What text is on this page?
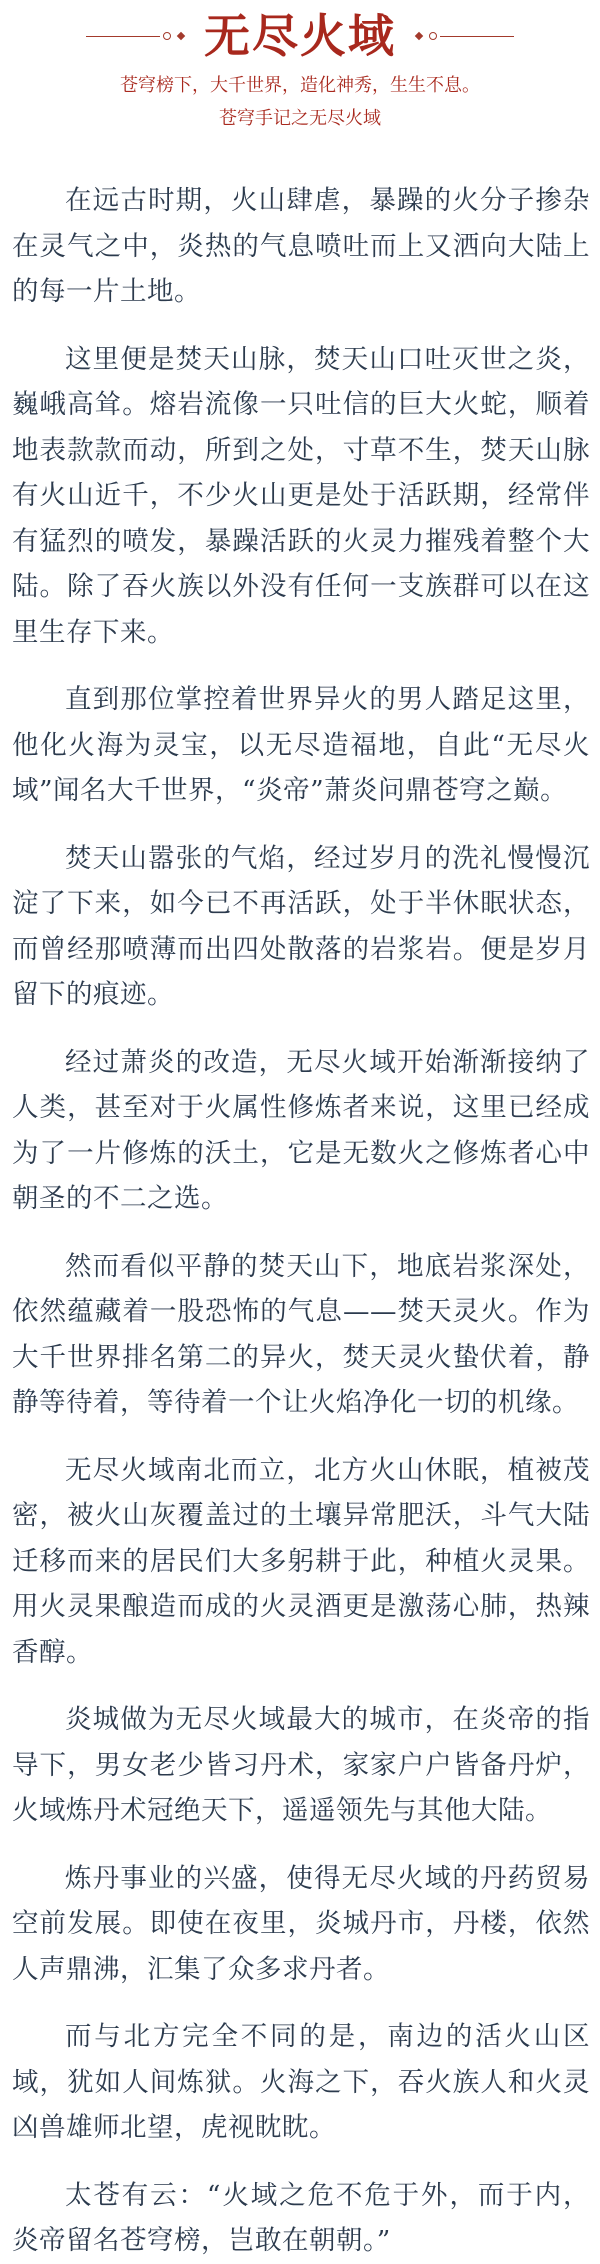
无尽火域
苍穹榜下，大千世界，造化神秀，生生不息。
苍穹手记之无尽火域

在远古时期，火山肆虐，暴躁的火分子掺杂在灵气之中，炎热的气息喷吐而上又洒向大陆上的每一片土地。

这里便是焚天山脉，焚天山口吐灭世之炎，巍峨高耸。熔岩流像一只吐信的巨大火蛇，顺着地表款款而动，所到之处，寸草不生，焚天山脉有火山近千，不少火山更是处于活跃期，经常伴有猛烈的喷发，暴躁活跃的火灵力摧残着整个大陆。除了吞火族以外没有任何一支族群可以在这里生存下来。

直到那位掌控着世界异火的男人踏足这里，他化火海为灵宝，以无尽造福地，自此“无尽火域”闻名大千世界，“炎帝”萧炎问鼎苍穹之巅。

焚天山嚣张的气焰，经过岁月的洗礼慢慢沉淀了下来，如今已不再活跃，处于半休眠状态，而曾经那喷薄而出四处散落的岩浆岩。便是岁月留下的痕迹。

经过萧炎的改造，无尽火域开始渐渐接纳了人类，甚至对于火属性修炼者来说，这里已经成为了一片修炼的沃土，它是无数火之修炼者心中朝圣的不二之选。

然而看似平静的焚天山下，地底岩浆深处，依然蕴藏着一股恐怖的气息——焚天灵火。作为大千世界排名第二的异火，焚天灵火蛰伏着，静静等待着，等待着一个让火焰净化一切的机缘。

无尽火域南北而立，北方火山休眠，植被茂密，被火山灰覆盖过的土壤异常肥沃，斗气大陆迁移而来的居民们大多躬耕于此，种植火灵果。用火灵果酿造而成的火灵酒更是激荡心肺，热辣香醇。

炎城做为无尽火域最大的城市，在炎帝的指导下，男女老少皆习丹术，家家户户皆备丹炉，火域炼丹术冠绝天下，遥遥领先与其他大陆。

炼丹事业的兴盛，使得无尽火域的丹药贸易空前发展。即使在夜里，炎城丹市，丹楼，依然人声鼎沸，汇集了众多求丹者。

而与北方完全不同的是，南边的活火山区域，犹如人间炼狱。火海之下，吞火族人和火灵凶兽雄师北望，虎视眈眈。

太苍有云：“火域之危不危于外，而于内，炎帝留名苍穹榜，岂敢在朝朝。”
